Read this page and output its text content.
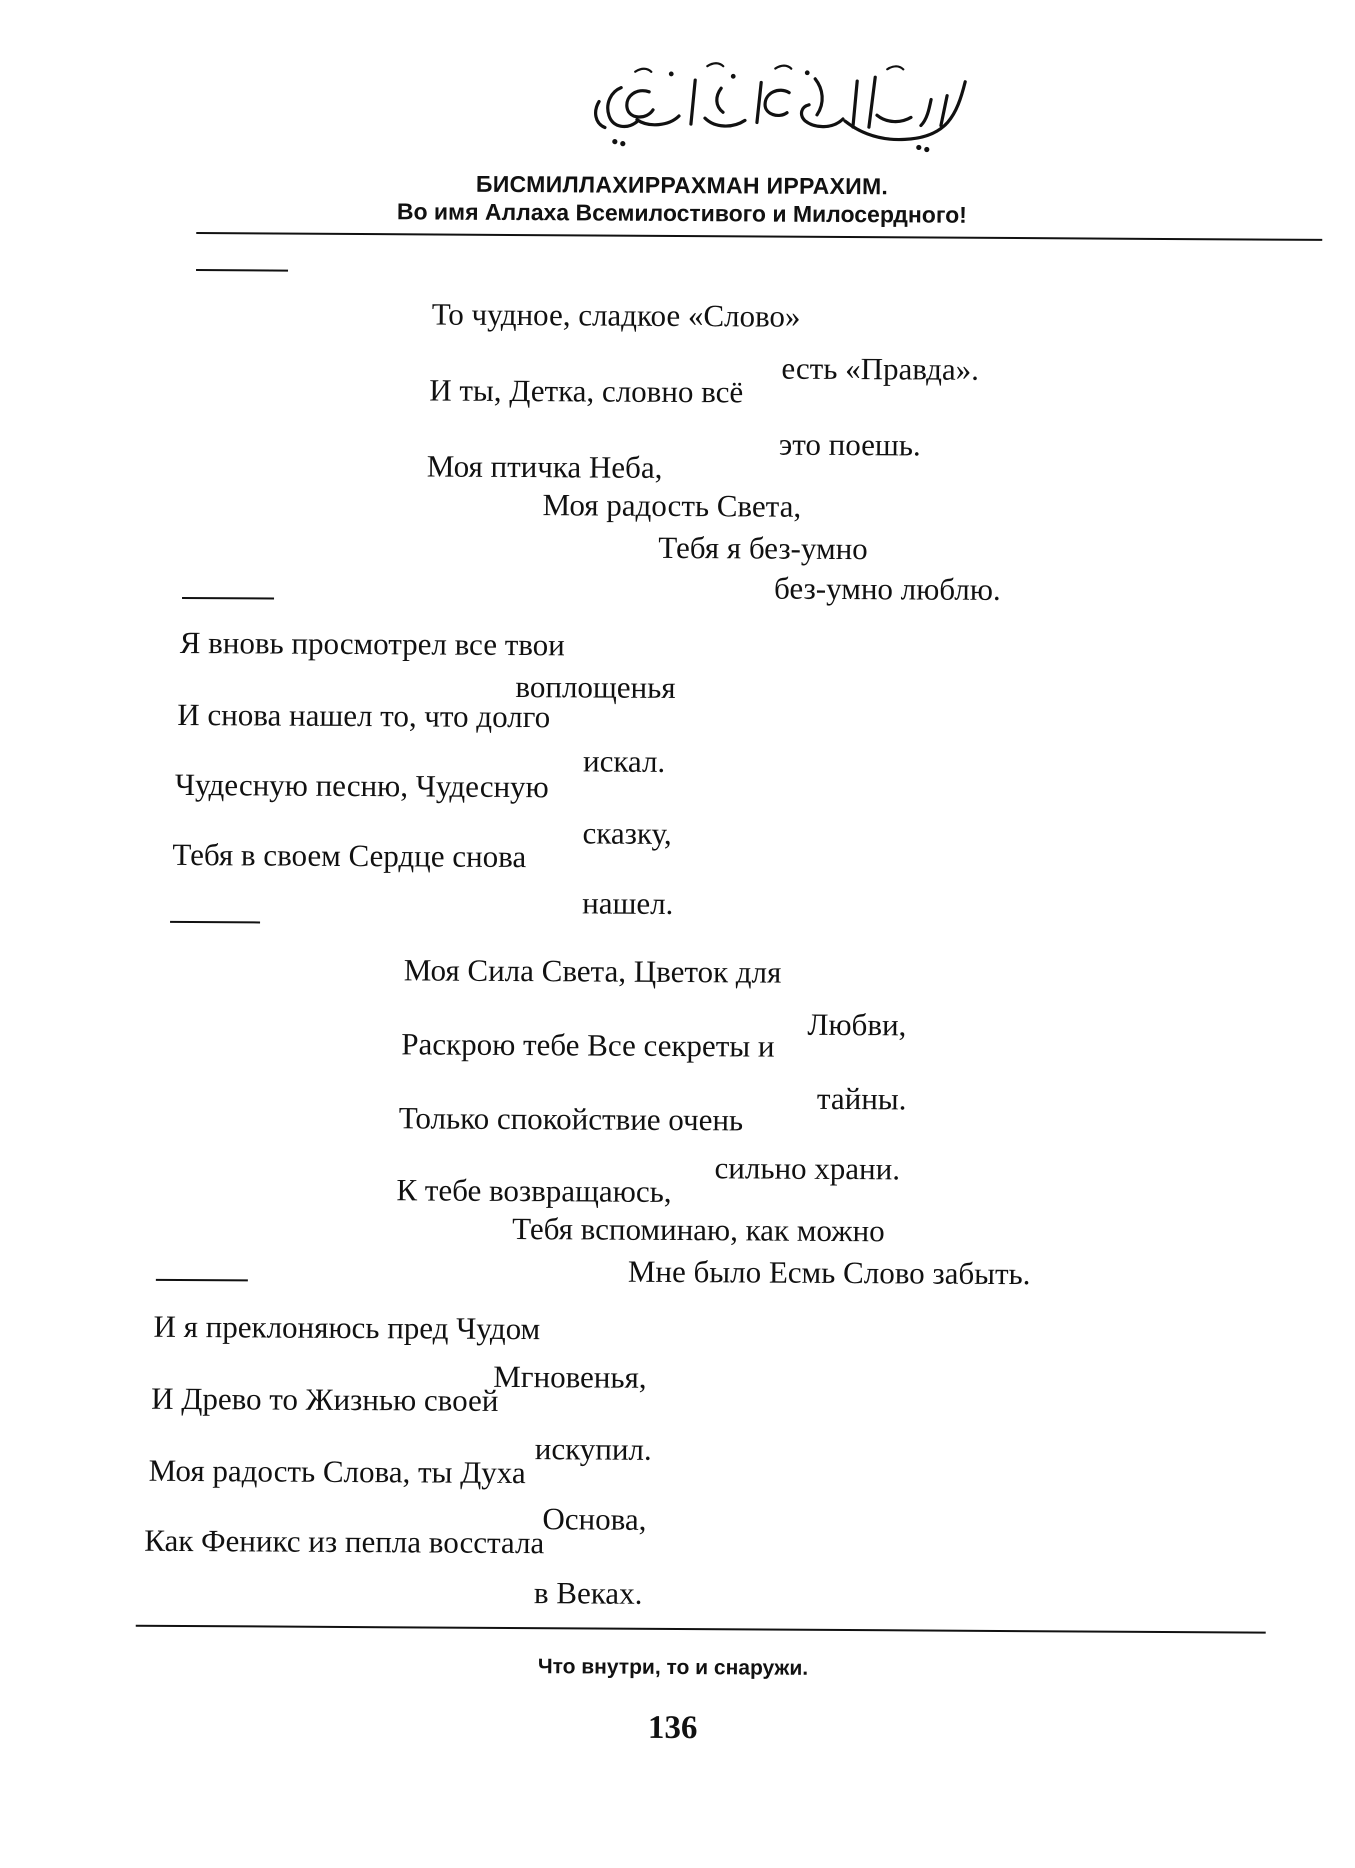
БИСМИЛЛАХИРРАХМАН ИРРАХИМ.
Во имя Аллаха Всемилостивого и Милосердного!
То чудное, сладкое «Слово»
есть «Правда».
И ты, Детка, словно всё
это поешь.
Моя птичка Неба,
Моя радость Света,
Тебя я без-умно
без-умно люблю.
Я вновь просмотрел все твои
воплощенья
И снова нашел то, что долго
искал.
Чудесную песню, Чудесную
сказку,
Тебя в своем Сердце снова
нашел.
Моя Сила Света, Цветок для
Любви,
Раскрою тебе Все секреты и
тайны.
Только спокойствие очень
сильно храни.
К тебе возвращаюсь,
Тебя вспоминаю, как можно
Мне было Есмь Слово забыть.
И я преклоняюсь пред Чудом
Мгновенья,
И Древо то Жизнью своей
искупил.
Моя радость Слова, ты Духа
Основа,
Как Феникс из пепла восстала
в Веках.
Что внутри, то и снаружи.
136
